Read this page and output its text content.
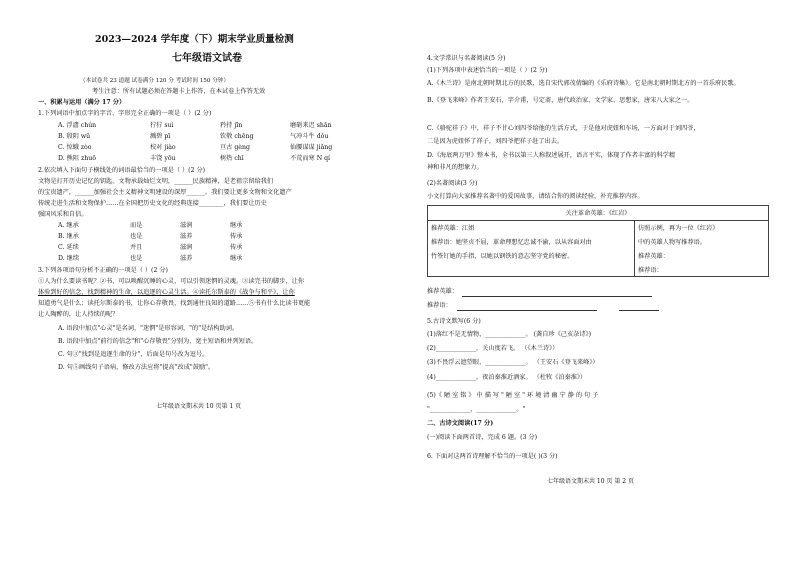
2023—2024 学年度（下）期末学业质量检测
七年级语文试卷
（本试卷共 23 道题 试卷满分 120 分 考试时间 150 分钟）
考生注意：所有试题必须在答题卡上作答，在本试卷上作答无效
一、积累与运用（满分 17 分）
1.下列词语中加点字的字音、字形完全正确的一项是（ ）(2 分)
A. 浮濇 chún	狞狞 suì	矜持 jīn	磨砺来迟 shān
B. 殷阴 wū	溅碧 pī	钦敬 chēng	气冲斗牛 dǒu
C. 惊蛾 zòo	校对 jiào	亘古 gèng	仙腰谋谋 jiǎng
D. 熊阻 zhuō	丰饶 yōu	树热 chī	不荒而寒 N qí
2.依次填入下面句子横线处的词语最恰当的一项是（ ）(2 分)
文物是打开历史记忆的钥匙。文物承载灿烂文明，______民族精神，是老祖宗留给我们
的宝贵遗产，______加强社会主义精神文明建设的深厚______。我们要让更多文物和文化遗产
传统走进生活和文物保护……在全国把历史文化的经典连接________，我们要让历史
强国风采和自信。
A. 继承	而是	滋润	继承
B. 继承	也是	滋养	传承
C. 延续	并且	滋润	传承
D. 继续	也是	滋养	继承
3.下列各项语句分析不正确的一项是（ ）(2 分)
①人为什么要读书呢？②书，可以唤醒沉睡的心灵，可以引领迷惘的灵魂。③读完书的脚步，让你
体验到好的信念，找到精神的生命，以追逐的心灵生活。④读托尔斯泰的《战争与和平》，让你
知道勇气是什么；读托尔斯泰的书，让你心存敬畏，找到通往良知的道路……⑤书有什么比读书更能
让人陶醉的，让人持续的呢？
A. 语段中加点"心灵"是名词，"迷惘"是形容词，"的"是结构助词。
B. 语段中加点"前行的信念"和"心存敬畏"分别为，宽主短语和并列短语。
C. 句③"找到是追逐生命的分"，后面是句号改为逗号。
D. 句⑤画线句子语病，修改方法应将"提高"改成"鼓励"。
七年级语文期末共 10 页第 1 页
4.文学常识与名著阅读(5 分)
(1)下列各项中表述恰当的一项是（ ）(2 分)
A.《木兰诗》是南北朝时期北方的民歌，选自宋代郭茂倩编的《乐府诗集》。它是南北朝时期北方的一首乐府民歌。
B.《登飞来峰》作者王安石，字介甫，号定斋，唐代政治家、文学家、思想家，唐宋八大家之一。
C.《骆驼祥子》中，祥子不甘心刘四爷给他的生活方式，于是他对虎妞和车场，一方面对于刘四爷，
二是因为虎妞怀了祥子，刘四爷把祥子赶了出去。
D.《海底两万里》整本书，全书以第三人称叙述展开，语言平实，体现了作者丰富的科学精
神和非凡的想象力。
(2)名著阅读(3 分)
小文打算向大家推荐名著中的爱国故事，请结合你的阅读经验，补充推荐内容。
关注革命英雄：《红岩》

推荐英雄：江姐
推荐语：她坚贞不屈，革命理想忆忠诚不渝，以从容面对由
竹签钉她的手指，以她以钢铁的意志坚守党的秘密。

仿照示例，再为一位《红岩》
中的英雄人物写推荐语。
推荐英雄：
推荐语：
推荐英雄：
推荐语：
5.古诗文默写(6 分)
(1)落红不是无情物，_____________。 (龚自珍《己亥杂诗》)
(2)_____________，关山度若飞。 （《木兰诗》）
(3)不畏浮云遮望眼，_____________。 （王安石《登飞来峰》）
(4)_____________，夜泊秦淮近酒家。 （杜牧《泊秦淮》）
(5)《 陋 室 铭 》 中 描 写 " 陋 室 " 环 境 清 幽 宁 静 的 句 子
"_____________，_____________。"
二、古诗文阅读(17 分)
(一)阅读下面两首诗，完成 6 题。(3 分)
6. 下面对这两首诗理解不恰当的一项是( )(3 分)
七年级语文期末共 10 页 第 2 页
